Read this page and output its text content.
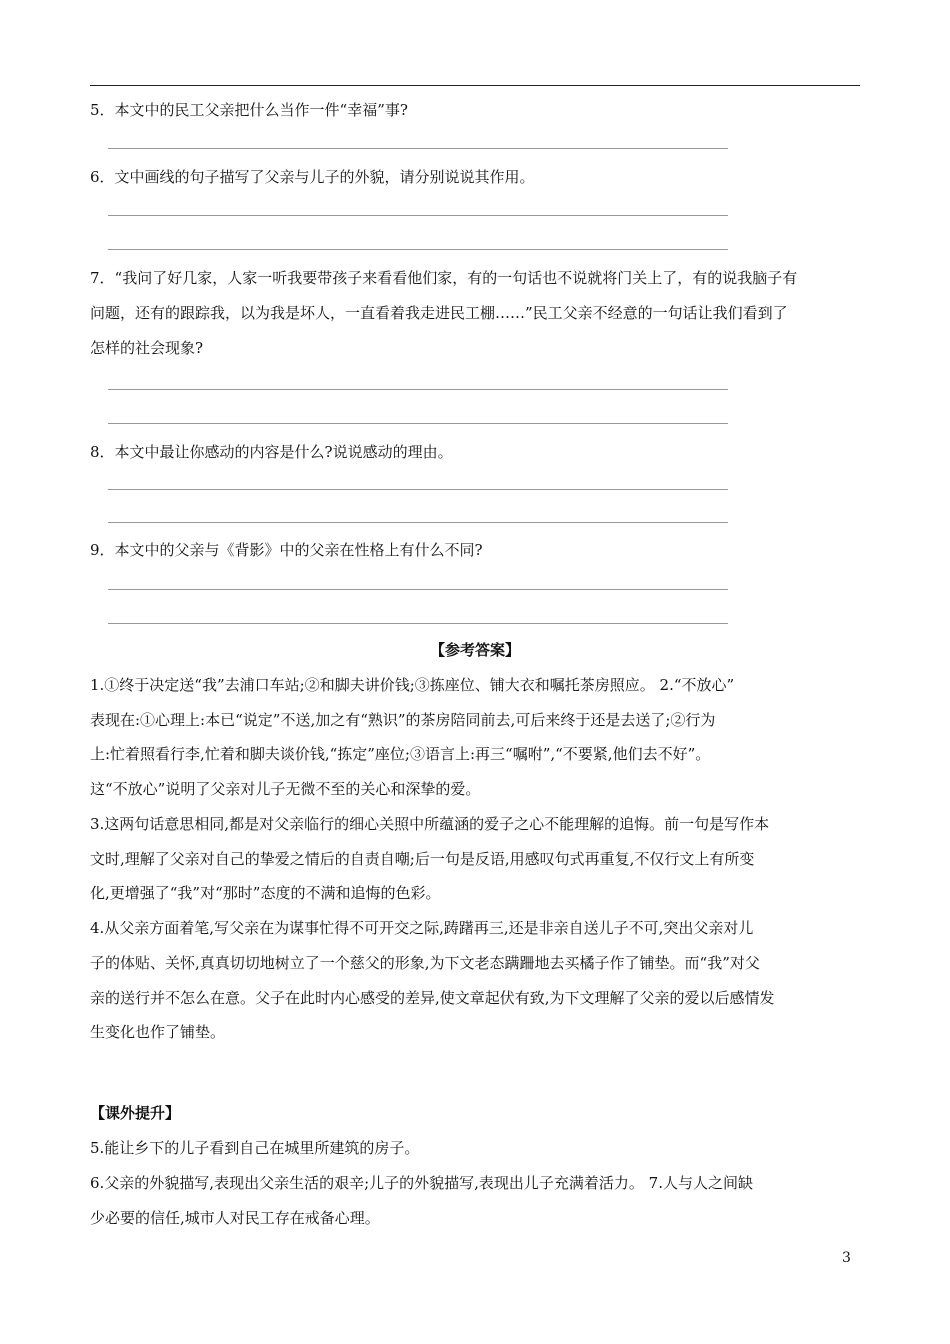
5．本文中的民工父亲把什么当作一件“幸福”事?
6．文中画线的句子描写了父亲与儿子的外貌，请分别说说其作用。
7．“我问了好几家，人家一听我要带孩子来看看他们家，有的一句话也不说就将门关上了，有的说我脑子有
问题，还有的跟踪我，以为我是坏人，一直看着我走进民工棚……”民工父亲不经意的一句话让我们看到了
怎样的社会现象?
8．本文中最让你感动的内容是什么?说说感动的理由。
9．本文中的父亲与《背影》中的父亲在性格上有什么不同?
【参考答案】
1.①终于决定送“我”去浦口车站;②和脚夫讲价钱;③拣座位、铺大衣和嘱托茶房照应。 2.“不放心”
表现在:①心理上:本已“说定”不送,加之有“熟识”的茶房陪同前去,可后来终于还是去送了;②行为
上:忙着照看行李,忙着和脚夫谈价钱,“拣定”座位;③语言上:再三“嘱咐”,“不要紧,他们去不好”。
这“不放心”说明了父亲对儿子无微不至的关心和深挚的爱。
3.这两句话意思相同,都是对父亲临行的细心关照中所蕴涵的爱子之心不能理解的追悔。前一句是写作本
文时,理解了父亲对自己的挚爱之情后的自责自嘲;后一句是反语,用感叹句式再重复,不仅行文上有所变
化,更增强了“我”对“那时”态度的不满和追悔的色彩。
4.从父亲方面着笔,写父亲在为谋事忙得不可开交之际,踌躇再三,还是非亲自送儿子不可,突出父亲对儿
子的体贴、关怀,真真切切地树立了一个慈父的形象,为下文老态蹒跚地去买橘子作了铺垫。而“我”对父
亲的送行并不怎么在意。父子在此时内心感受的差异,使文章起伏有致,为下文理解了父亲的爱以后感情发
生变化也作了铺垫。
【课外提升】
5.能让乡下的儿子看到自己在城里所建筑的房子。
6.父亲的外貌描写,表现出父亲生活的艰辛;儿子的外貌描写,表现出儿子充满着活力。 7.人与人之间缺
少必要的信任,城市人对民工存在戒备心理。
3
